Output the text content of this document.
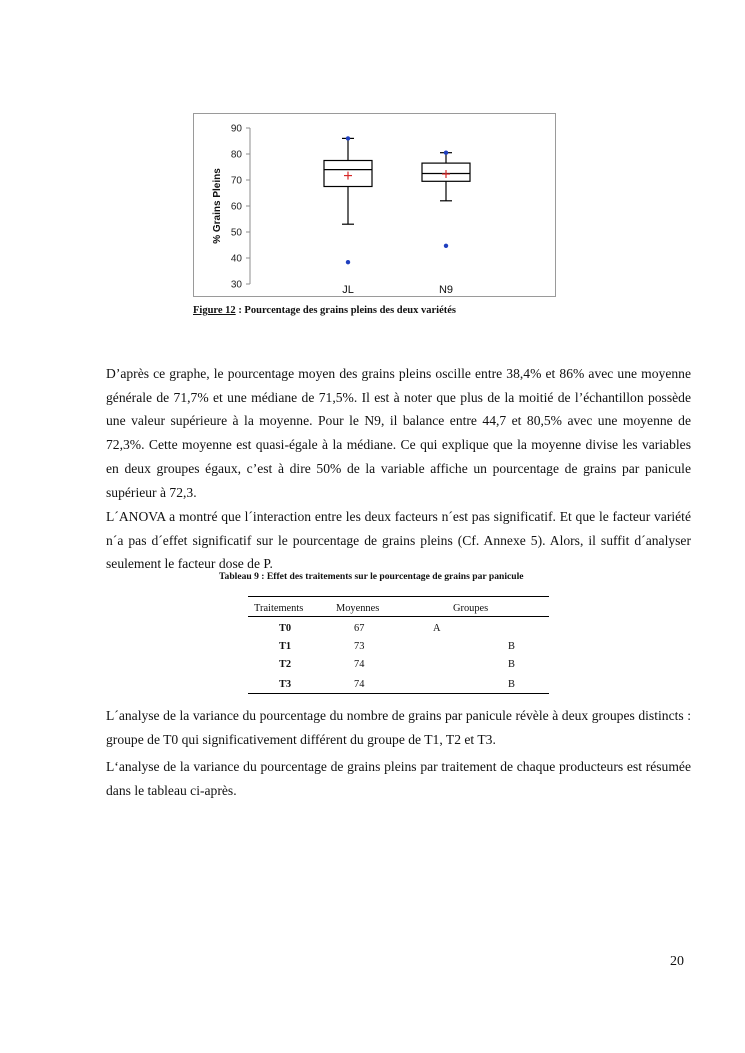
90
80
70
60
50
40
30
% Grains Pleins
JL	N9
Figure 12 : Pourcentage des grains pleins des deux variétés

D’après ce graphe, le pourcentage moyen des grains pleins oscille entre 38,4% et 86% avec une moyenne générale de 71,7% et une médiane de 71,5%. Il est à noter que plus de la moitié de l’échantillon possède une valeur supérieure à la moyenne. Pour le N9, il balance entre 44,7 et 80,5% avec une moyenne de 72,3%. Cette moyenne est quasi-égale à la médiane. Ce qui explique que la moyenne divise les variables en deux groupes égaux, c’est à dire 50% de la variable affiche un pourcentage de grains par panicule supérieur à 72,3.

L´ANOVA a montré que l´interaction entre les deux facteurs n´est pas significatif. Et que le facteur variété n´a pas d´effet significatif sur le pourcentage de grains pleins (Cf. Annexe 5). Alors, il suffit d´analyser seulement le facteur dose de P.

Tableau 9 : Effet des traitements sur le pourcentage de grains par panicule
Traitements	Moyennes	Groupes
T0	67	A
T1	73	B
T2	74	B
T3	74	B

L´analyse de la variance du pourcentage du nombre de grains par panicule révèle à deux groupes distincts : groupe de T0 qui significativement différent du groupe de T1, T2 et T3.

L‘analyse de la variance du pourcentage de grains pleins par traitement de chaque producteurs est résumée dans le tableau ci-après.

20
